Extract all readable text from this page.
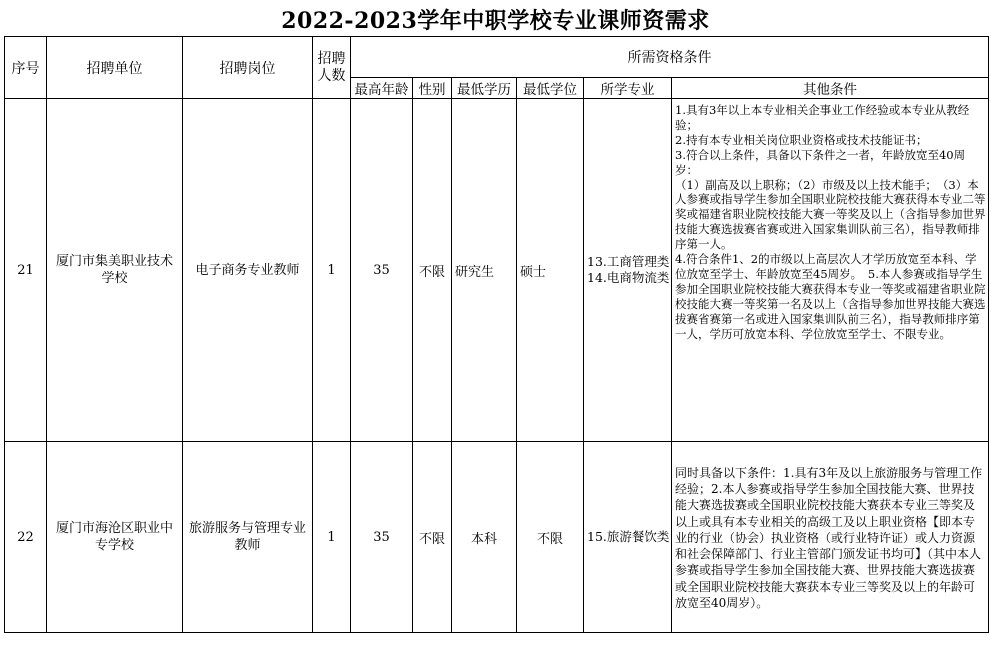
2022-2023学年中职学校专业课师资需求
序号	招聘单位	招聘岗位	招聘人数	所需资格条件					
				最高年龄	性别	最低学历	最低学位	所学专业	其他条件
21	厦门市集美职业技术学校	电子商务专业教师	1	35	不限	研究生	硕士	13.工商管理类
14.电商物流类	1.具有3年以上本专业相关企事业工作经验或本专业从教经验；
2.持有本专业相关岗位职业资格或技术技能证书；
3.符合以上条件，具备以下条件之一者，年龄放宽至40周岁：
（1）副高及以上职称；（2）市级及以上技术能手；　（3）本人参赛或指导学生参加全国职业院校技能大赛获得本专业二等奖或福建省职业院校技能大赛一等奖及以上（含指导参加世界技能大赛选拔赛省赛或进入国家集训队前三名），指导教师排序第一人。
4.符合条件1、2的市级以上高层次人才学历放宽至本科、学位放宽至学士、年龄放宽至45周岁。　5.本人参赛或指导学生参加全国职业院校技能大赛获得本专业一等奖或福建省职业院校技能大赛一等奖第一名及以上（含指导参加世界技能大赛选拔赛省赛第一名或进入国家集训队前三名），指导教师排序第一人，学历可放宽本科、学位放宽至学士、不限专业。
22	厦门市海沧区职业中专学校	旅游服务与管理专业教师	1	35	不限	本科	不限	15.旅游餐饮类	同时具备以下条件：1.具有3年及以上旅游服务与管理工作经验；2.本人参赛或指导学生参加全国技能大赛、世界技能大赛选拔赛或全国职业院校技能大赛获本专业三等奖及以上或具有本专业相关的高级工及以上职业资格【即本专业的行业（协会）执业资格（或行业特许证）或人力资源和社会保障部门、行业主管部门颁发证书均可】（其中本人参赛或指导学生参加全国技能大赛、世界技能大赛选拔赛或全国职业院校技能大赛获本专业三等奖及以上的年龄可放宽至40周岁）。
